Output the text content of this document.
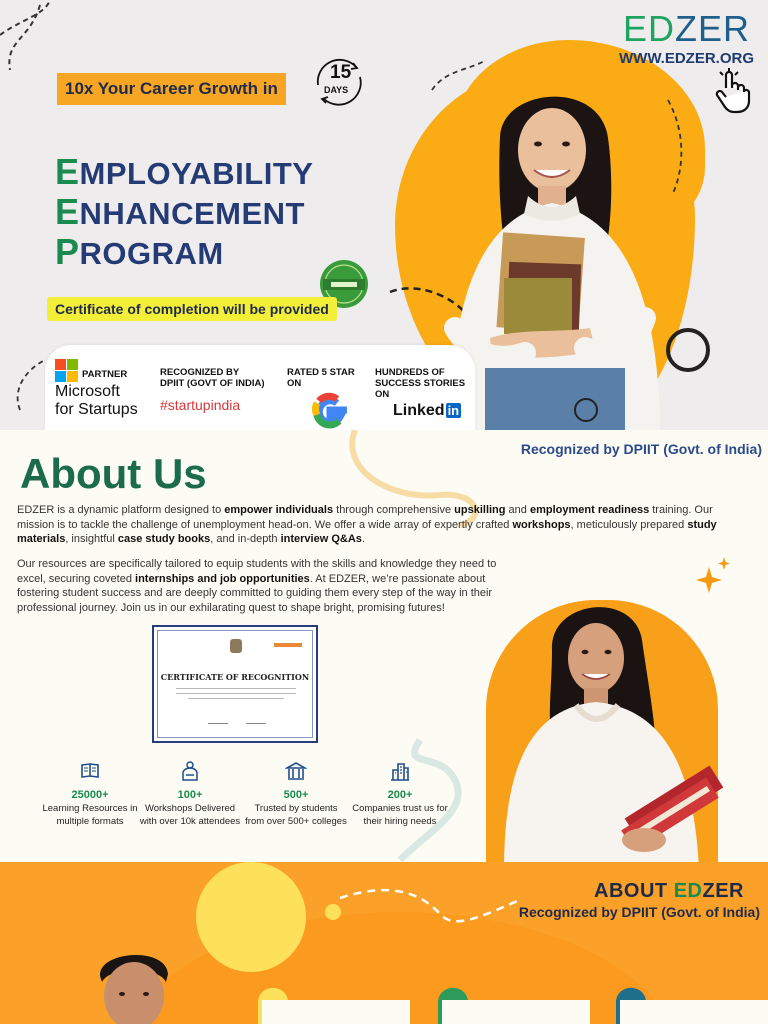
EDZER
WWW.EDZER.ORG
10x Your Career Growth in
15
DAYS
EMPLOYABILITY
ENHANCEMENT
PROGRAM
Certificate of completion will be provided
PARTNER
Microsoft
for Startups
RECOGNIZED BY
DPIIT (GOVT OF INDIA)
#startupindia
RATED 5 STAR
ON
HUNDREDS OF
SUCCESS STORIES
ON
Linked in
About Us
Recognized by DPIIT (Govt. of India)

EDZER is a dynamic platform designed to empower individuals through comprehensive upskilling and employment readiness training. Our mission is to tackle the challenge of unemployment head-on. We offer a wide array of expertly crafted workshops, meticulously prepared study materials, insightful case study books, and in-depth interview Q&As.

Our resources are specifically tailored to equip students with the skills and knowledge they need to excel, securing coveted internships and job opportunities. At EDZER, we’re passionate about fostering student success and are deeply committed to guiding them every step of the way in their professional journey. Join us in our exhilarating quest to shape bright, promising futures!

CERTIFICATE OF RECOGNITION
25000+
Learning Resources in multiple formats
100+
Workshops Delivered with over 10k attendees
500+
Trusted by students from over 500+ colleges
200+
Companies trust us for their hiring needs
ABOUT EDZER
Recognized by DPIIT (Govt. of India)
